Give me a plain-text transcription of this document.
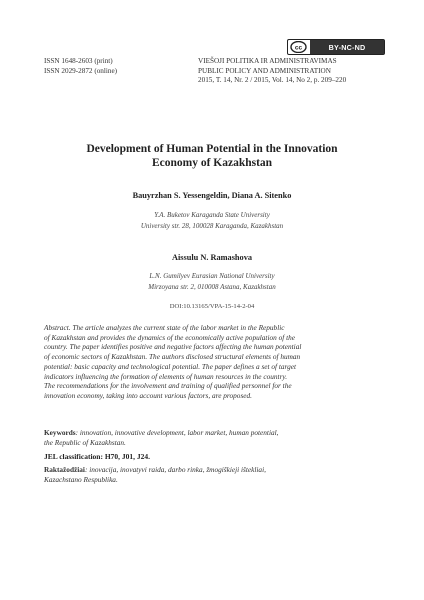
ISSN 1648-2603 (print)
ISSN 2029-2872 (online)
cc	BY-NC-ND
VIEŠOJI POLITIKA IR ADMINISTRAVIMAS
PUBLIC POLICY AND ADMINISTRATION
2015, T. 14, Nr. 2 / 2015, Vol. 14, No 2, p. 209–220
Development of Human Potential in the Innovation
Economy of Kazakhstan
Bauyrzhan S. Yessengeldin, Diana A. Sitenko
Y.A. Buketov Karaganda State University
University str. 28, 100028 Karaganda, Kazakhstan
Aissulu N. Ramashova
L.N. Gumilyev Eurasian National University
Mirzoyana str. 2, 010008 Astana, Kazakhstan
DOI:10.13165/VPA-15-14-2-04
Abstract. The article analyzes the current state of the labor market in the Republic
of Kazakhstan and provides the dynamics of the economically active population of the
country. The paper identifies positive and negative factors affecting the human potential
of economic sectors of Kazakhstan. The authors disclosed structural elements of human
potential: basic capacity and technological potential. The paper defines a set of target
indicators influencing the formation of elements of human resources in the country.
The recommendations for the involvement and training of qualified personnel for the
innovation economy, taking into account various factors, are proposed.
Keywords: innovation, innovative development, labor market, human potential,
the Republic of Kazakhstan.
JEL classification: H70, J01, J24.
Raktažodžiai: inovacija, inovatyvi raida, darbo rinka, žmogiškieji ištekliai,
Kazachstano Respublika.
